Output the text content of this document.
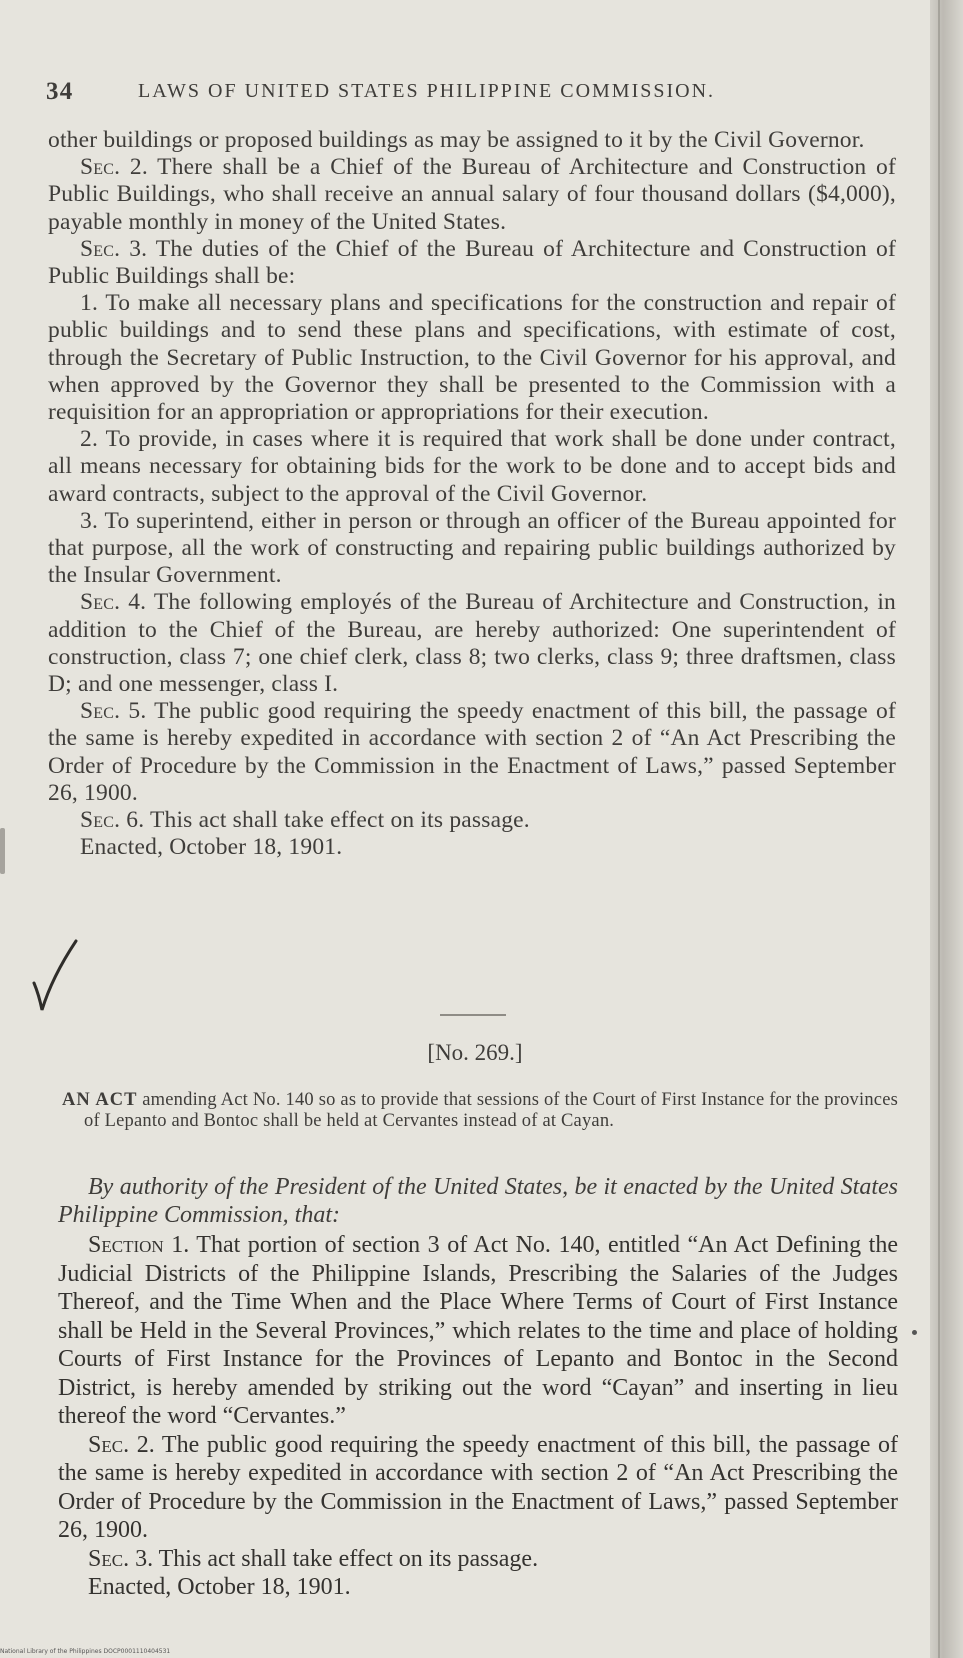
34	LAWS OF UNITED STATES PHILIPPINE COMMISSION.

other buildings or proposed buildings as may be assigned to it by the Civil Governor.

Sec. 2. There shall be a Chief of the Bureau of Architecture and Construction of Public Buildings, who shall receive an annual salary of four thousand dollars ($4,000), payable monthly in money of the United States.

Sec. 3. The duties of the Chief of the Bureau of Architecture and Construction of Public Buildings shall be:

1. To make all necessary plans and specifications for the construction and repair of public buildings and to send these plans and specifications, with estimate of cost, through the Secretary of Public Instruction, to the Civil Governor for his approval, and when approved by the Governor they shall be presented to the Commission with a requisition for an appropriation or appropriations for their execution.

2. To provide, in cases where it is required that work shall be done under contract, all means necessary for obtaining bids for the work to be done and to accept bids and award contracts, subject to the approval of the Civil Governor.

3. To superintend, either in person or through an officer of the Bureau appointed for that purpose, all the work of constructing and repairing public buildings authorized by the Insular Government.

Sec. 4. The following employés of the Bureau of Architecture and Construction, in addition to the Chief of the Bureau, are hereby authorized: One superintendent of construction, class 7; one chief clerk, class 8; two clerks, class 9; three draftsmen, class D; and one messenger, class I.

Sec. 5. The public good requiring the speedy enactment of this bill, the passage of the same is hereby expedited in accordance with section 2 of “An Act Prescribing the Order of Procedure by the Commission in the Enactment of Laws,” passed September 26, 1900.

Sec. 6. This act shall take effect on its passage.

Enacted, October 18, 1901.

[No. 269.]
AN ACT amending Act No. 140 so as to provide that sessions of the Court of First Instance for the provinces of Lepanto and Bontoc shall be held at Cervantes instead of at Cayan.
By authority of the President of the United States, be it enacted by the United States Philippine Commission, that:

Section 1. That portion of section 3 of Act No. 140, entitled “An Act Defining the Judicial Districts of the Philippine Islands, Prescribing the Salaries of the Judges Thereof, and the Time When and the Place Where Terms of Court of First Instance shall be Held in the Several Provinces,” which relates to the time and place of holding Courts of First Instance for the Provinces of Lepanto and Bontoc in the Second District, is hereby amended by striking out the word “Cayan” and inserting in lieu thereof the word “Cervantes.”

Sec. 2. The public good requiring the speedy enactment of this bill, the passage of the same is hereby expedited in accordance with section 2 of “An Act Prescribing the Order of Procedure by the Commission in the Enactment of Laws,” passed September 26, 1900.

Sec. 3. This act shall take effect on its passage.

Enacted, October 18, 1901.

National Library of the Philippines DOCP0001110404531
